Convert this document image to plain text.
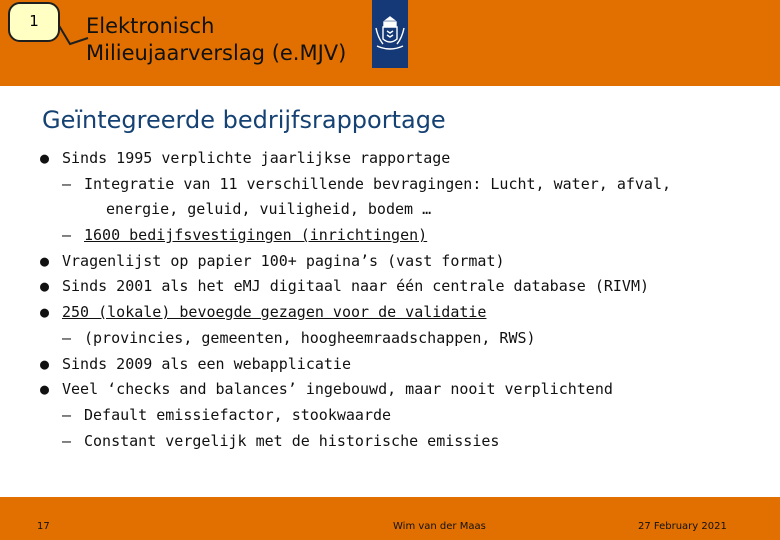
1	Elektronisch
Milieujaarverslag (e.MJV)
Geïntegreerde bedrijfsrapportage
● Sinds 1995 verplichte jaarlijkse rapportage
– Integratie van 11 verschillende bevragingen: Lucht, water, afval,
energie, geluid, vuiligheid, bodem …
– 1600 bedijfsvestigingen (inrichtingen)
● Vragenlijst op papier 100+ pagina’s (vast format)
● Sinds 2001 als het eMJ digitaal naar één centrale database (RIVM)
● 250 (lokale) bevoegde gezagen voor de validatie
– (provincies, gemeenten, hoogheemraadschappen, RWS)
● Sinds 2009 als een webapplicatie
● Veel ‘checks and balances’ ingebouwd, maar nooit verplichtend
– Default emissiefactor, stookwaarde
– Constant vergelijk met de historische emissies
17	Wim van der Maas	27 February 2021
